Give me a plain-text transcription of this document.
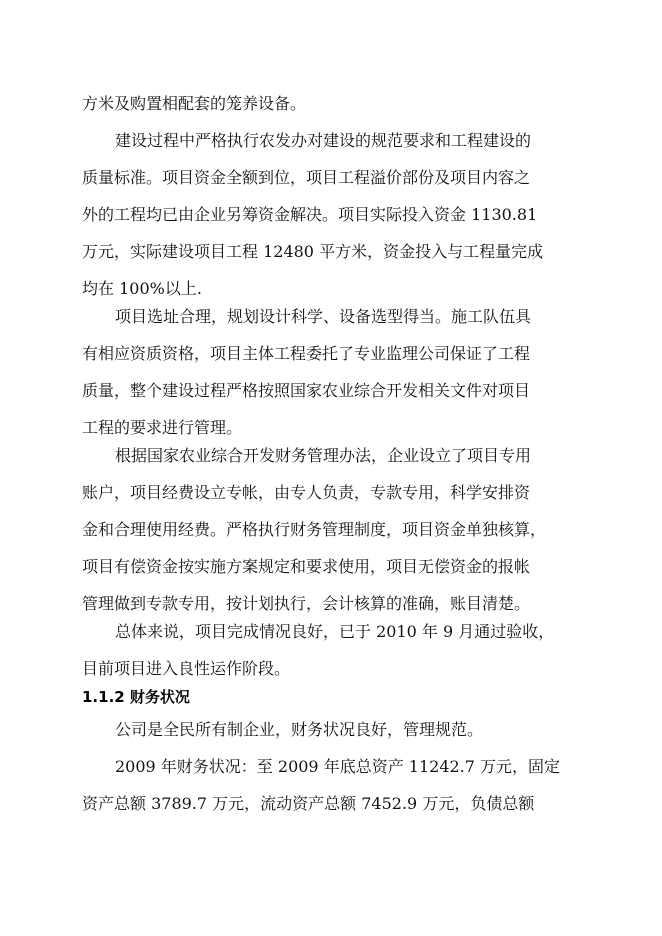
方米及购置相配套的笼养设备。
建设过程中严格执行农发办对建设的规范要求和工程建设的
质量标准。项目资金全额到位，项目工程溢价部份及项目内容之
外的工程均已由企业另筹资金解决。项目实际投入资金 1130.81
万元，实际建设项目工程 12480 平方米，资金投入与工程量完成
均在 100%以上.
项目选址合理，规划设计科学、设备选型得当。施工队伍具
有相应资质资格，项目主体工程委托了专业监理公司保证了工程
质量，整个建设过程严格按照国家农业综合开发相关文件对项目
工程的要求进行管理。
根据国家农业综合开发财务管理办法，企业设立了项目专用
账户，项目经费设立专帐，由专人负责，专款专用，科学安排资
金和合理使用经费。严格执行财务管理制度，项目资金单独核算，
项目有偿资金按实施方案规定和要求使用，项目无偿资金的报帐
管理做到专款专用，按计划执行，会计核算的准确，账目清楚。
总体来说，项目完成情况良好，已于 2010 年 9 月通过验收，
目前项目进入良性运作阶段。
1.1.2 财务状况
公司是全民所有制企业，财务状况良好，管理规范。
2009 年财务状况：至 2009 年底总资产 11242.7 万元，固定
资产总额 3789.7 万元，流动资产总额 7452.9 万元，负债总额
